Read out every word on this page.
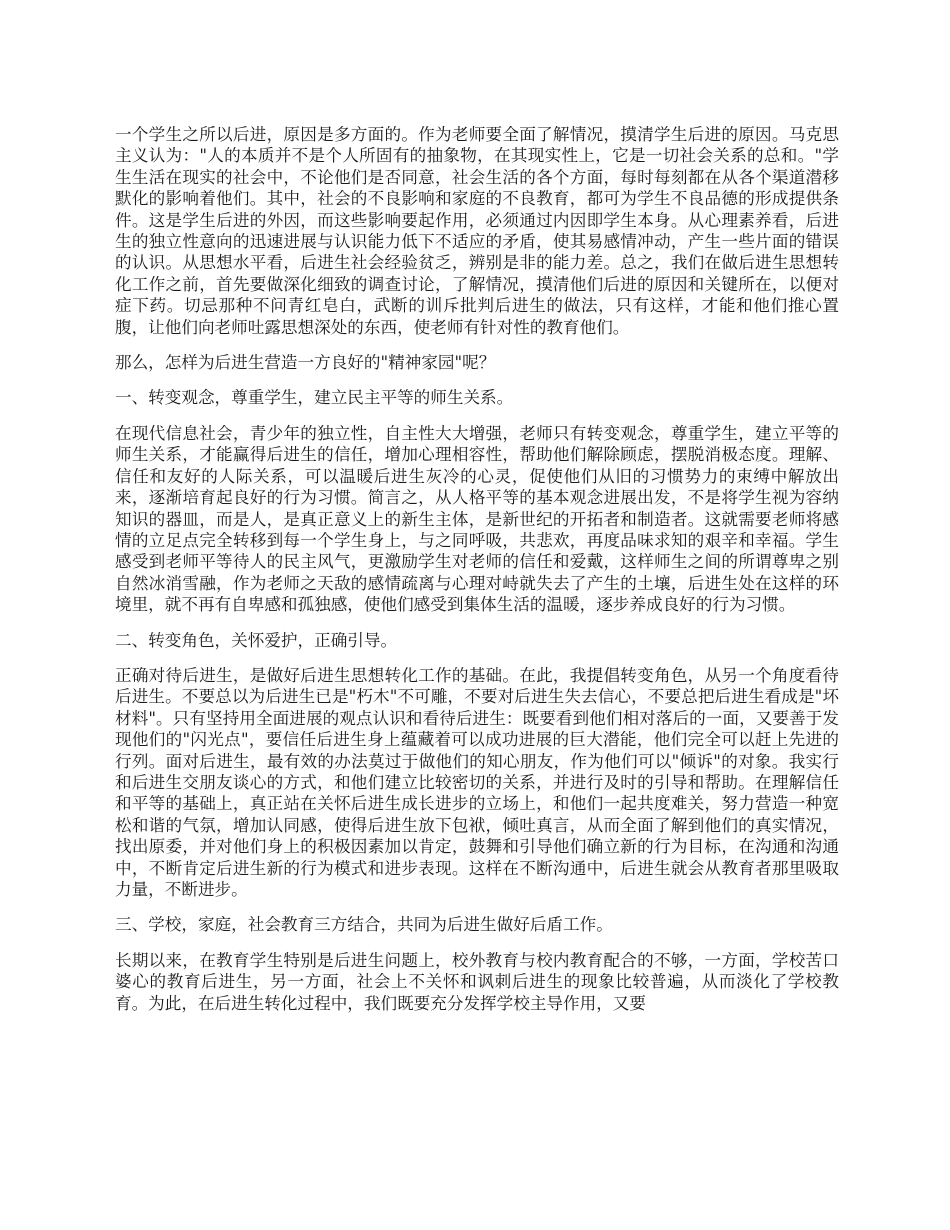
一个学生之所以后进，原因是多方面的。作为老师要全面了解情况，摸清学生后进的原因。马克思主义认为："人的本质并不是个人所固有的抽象物，在其现实性上，它是一切社会关系的总和。"学生生活在现实的社会中，不论他们是否同意，社会生活的各个方面，每时每刻都在从各个渠道潜移默化的影响着他们。其中，社会的不良影响和家庭的不良教育，都可为学生不良品德的形成提供条件。这是学生后进的外因，而这些影响要起作用，必须通过内因即学生本身。从心理素养看，后进生的独立性意向的迅速进展与认识能力低下不适应的矛盾，使其易感情冲动，产生一些片面的错误的认识。从思想水平看，后进生社会经验贫乏，辨别是非的能力差。总之，我们在做后进生思想转化工作之前，首先要做深化细致的调查讨论，了解情况，摸清他们后进的原因和关键所在，以便对症下药。切忌那种不问青红皂白，武断的训斥批判后进生的做法，只有这样，才能和他们推心置腹，让他们向老师吐露思想深处的东西，使老师有针对性的教育他们。

那么，怎样为后进生营造一方良好的"精神家园"呢？

一、转变观念，尊重学生，建立民主平等的师生关系。

在现代信息社会，青少年的独立性，自主性大大增强，老师只有转变观念，尊重学生，建立平等的师生关系，才能赢得后进生的信任，增加心理相容性，帮助他们解除顾虑，摆脱消极态度。理解、信任和友好的人际关系，可以温暖后进生灰冷的心灵，促使他们从旧的习惯势力的束缚中解放出来，逐渐培育起良好的行为习惯。简言之，从人格平等的基本观念进展出发，不是将学生视为容纳知识的器皿，而是人，是真正意义上的新生主体，是新世纪的开拓者和制造者。这就需要老师将感情的立足点完全转移到每一个学生身上，与之同呼吸，共悲欢，再度品味求知的艰辛和幸福。学生感受到老师平等待人的民主风气，更激励学生对老师的信任和爱戴，这样师生之间的所谓尊卑之别自然冰消雪融，作为老师之天敌的感情疏离与心理对峙就失去了产生的土壤，后进生处在这样的环境里，就不再有自卑感和孤独感，使他们感受到集体生活的温暖，逐步养成良好的行为习惯。

二、转变角色，关怀爱护，正确引导。

正确对待后进生，是做好后进生思想转化工作的基础。在此，我提倡转变角色，从另一个角度看待后进生。不要总以为后进生已是"朽木"不可雕，不要对后进生失去信心，不要总把后进生看成是"坏材料"。只有坚持用全面进展的观点认识和看待后进生：既要看到他们相对落后的一面，又要善于发现他们的"闪光点"，要信任后进生身上蕴藏着可以成功进展的巨大潜能，他们完全可以赶上先进的行列。面对后进生，最有效的办法莫过于做他们的知心朋友，作为他们可以"倾诉"的对象。我实行和后进生交朋友谈心的方式，和他们建立比较密切的关系，并进行及时的引导和帮助。在理解信任和平等的基础上，真正站在关怀后进生成长进步的立场上，和他们一起共度难关，努力营造一种宽松和谐的气氛，增加认同感，使得后进生放下包袱，倾吐真言，从而全面了解到他们的真实情况，找出原委，并对他们身上的积极因素加以肯定，鼓舞和引导他们确立新的行为目标，在沟通和沟通中，不断肯定后进生新的行为模式和进步表现。这样在不断沟通中，后进生就会从教育者那里吸取力量，不断进步。

三、学校，家庭，社会教育三方结合，共同为后进生做好后盾工作。

长期以来，在教育学生特别是后进生问题上，校外教育与校内教育配合的不够，一方面，学校苦口婆心的教育后进生，另一方面，社会上不关怀和讽刺后进生的现象比较普遍，从而淡化了学校教育。为此，在后进生转化过程中，我们既要充分发挥学校主导作用，又要
